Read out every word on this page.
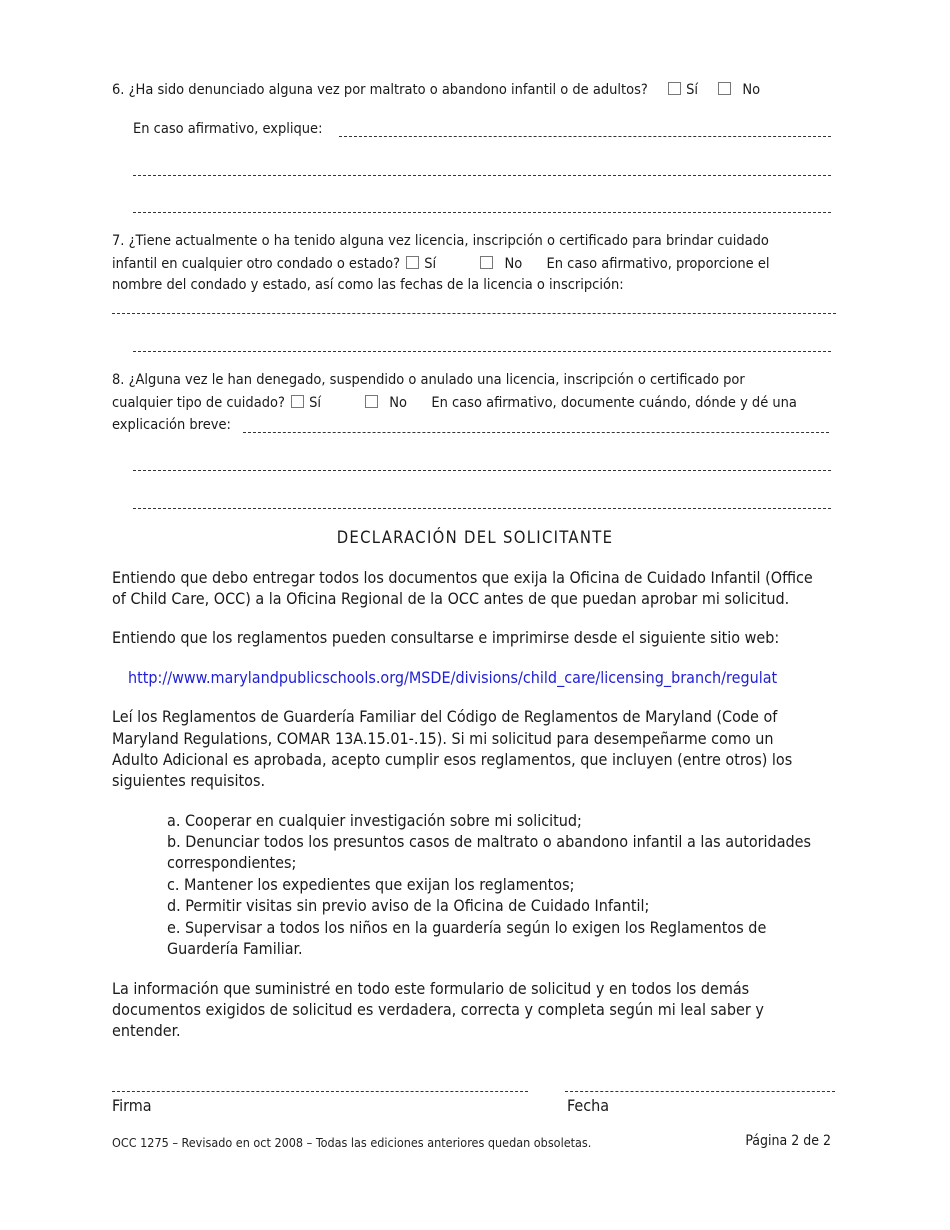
6. ¿Ha sido denunciado alguna vez por maltrato o abandono infantil o de adultos?	Sí	No
En caso afirmativo, explique:
7. ¿Tiene actualmente o ha tenido alguna vez licencia, inscripción o certificado para brindar cuidado
infantil en cualquier otro condado o estado? Sí	No En caso afirmativo, proporcione el
nombre del condado y estado, así como las fechas de la licencia o inscripción:
8. ¿Alguna vez le han denegado, suspendido o anulado una licencia, inscripción o certificado por
cualquier tipo de cuidado? Sí	No En caso afirmativo, documente cuándo, dónde y dé una
explicación breve:
DECLARACIÓN DEL SOLICITANTE
Entiendo que debo entregar todos los documentos que exija la Oficina de Cuidado Infantil (Office
of Child Care, OCC) a la Oficina Regional de la OCC antes de que puedan aprobar mi solicitud.
Entiendo que los reglamentos pueden consultarse e imprimirse desde el siguiente sitio web:
http://www.marylandpublicschools.org/MSDE/divisions/child_care/licensing_branch/regulat
Leí los Reglamentos de Guardería Familiar del Código de Reglamentos de Maryland (Code of
Maryland Regulations, COMAR 13A.15.01-.15). Si mi solicitud para desempeñarme como un
Adulto Adicional es aprobada, acepto cumplir esos reglamentos, que incluyen (entre otros) los
siguientes requisitos.
a. Cooperar en cualquier investigación sobre mi solicitud;
b. Denunciar todos los presuntos casos de maltrato o abandono infantil a las autoridades
correspondientes;
c. Mantener los expedientes que exijan los reglamentos;
d. Permitir visitas sin previo aviso de la Oficina de Cuidado Infantil;
e. Supervisar a todos los niños en la guardería según lo exigen los Reglamentos de
Guardería Familiar.
La información que suministré en todo este formulario de solicitud y en todos los demás
documentos exigidos de solicitud es verdadera, correcta y completa según mi leal saber y
entender.
Firma	Fecha
OCC 1275 – Revisado en oct 2008 – Todas las ediciones anteriores quedan obsoletas.	Página 2 de 2
